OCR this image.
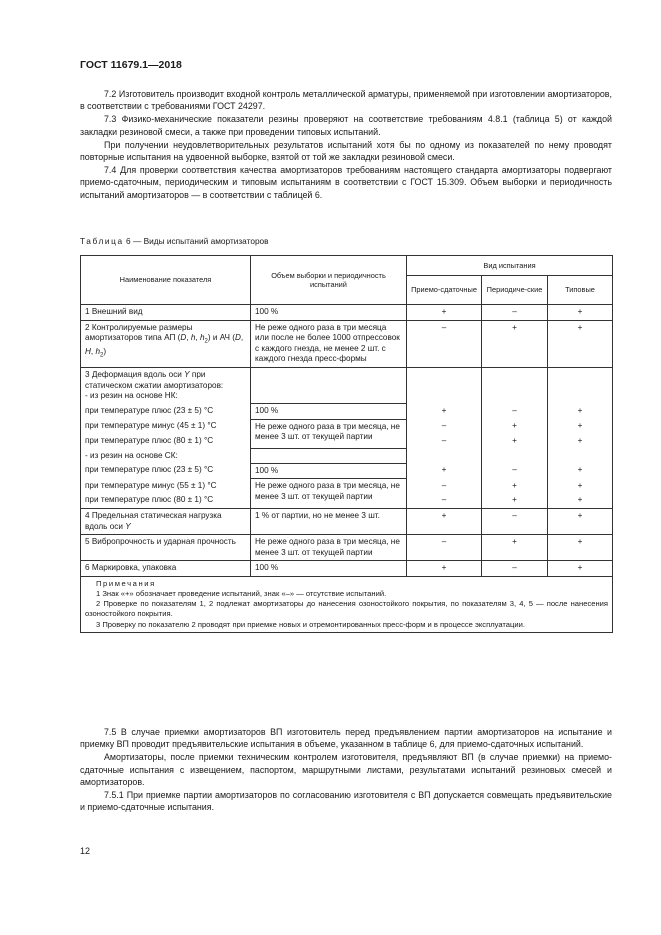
ГОСТ 11679.1—2018

7.2 Изготовитель производит входной контроль металлической арматуры, применяемой при изготовлении амортизаторов, в соответствии с требованиями ГОСТ 24297.

7.3 Физико-механические показатели резины проверяют на соответствие требованиям 4.8.1 (таблица 5) от каждой закладки резиновой смеси, а также при проведении типовых испытаний.

При получении неудовлетворительных результатов испытаний хотя бы по одному из показателей по нему проводят повторные испытания на удвоенной выборке, взятой от той же закладки резиновой смеси.

7.4 Для проверки соответствия качества амортизаторов требованиям настоящего стандарта амортизаторы подвергают приемо-сдаточным, периодическим и типовым испытаниям в соответствии с ГОСТ 15.309. Объем выборки и периодичность испытаний амортизаторов — в соответствии с таблицей 6.

Таблица 6 — Виды испытаний амортизаторов
Наименование показателя	Объем выборки и периодичность испытаний	Вид испытания		
		Приемо-сдаточные	Периодиче-ские	Типовые
1 Внешний вид	100 %	+	–	+
2 Контролируемые размеры амортизаторов типа АП (D, h, $h_2$) и АЧ (D, H, $h_2$)	Не реже одного раза в три месяца или после не более 1000 отпрессовок с каждого гнезда, не менее 2 шт. с каждого гнезда пресс-формы	–	+	+
3 Деформация вдоль оси Y при статическом сжатии амортизаторов:
- из резин на основе НК:				
при температуре плюс (23 ± 5) °С	100 %	+	–	+
при температуре минус (45 ± 1) °С	Не реже одного раза в три месяца, не менее 3 шт. от текущей партии	–	+	+
при температуре плюс (80 ± 1) °С		–	+	+
- из резин на основе СК:				
при температуре плюс (23 ± 5) °С	100 %	+	–	+
при температуре минус (55 ± 1) °С	Не реже одного раза в три месяца, не менее 3 шт. от текущей партии	–	+	+
при температуре плюс (80 ± 1) °С		–	+	+
4 Предельная статическая нагрузка вдоль оси Y	1 % от партии, но не менее 3 шт.	+	–	+
5 Вибропрочность и ударная прочность	Не реже одного раза в три месяца, не менее 3 шт. от текущей партии	–	+	+
6 Маркировка, упаковка	100 %	+	–	+

Примечания

1 Знак «+» обозначает проведение испытаний, знак «–» — отсутствие испытаний.

2 Проверке по показателям 1, 2 подлежат амортизаторы до нанесения озоностойкого покрытия, по показателям 3, 4, 5 — после нанесения озоностойкого покрытия.

3 Проверку по показателю 2 проводят при приемке новых и отремонтированных пресс-форм и в процессе эксплуатации.				

7.5 В случае приемки амортизаторов ВП изготовитель перед предъявлением партии амортизаторов на испытание и приемку ВП проводит предъявительские испытания в объеме, указанном в таблице 6, для приемо-сдаточных испытаний.

Амортизаторы, после приемки техническим контролем изготовителя, предъявляют ВП (в случае приемки) на приемо-сдаточные испытания с извещением, паспортом, маршрутными листами, результатами испытаний резиновых смесей и амортизаторов.

7.5.1 При приемке партии амортизаторов по согласованию изготовителя с ВП допускается совмещать предъявительские и приемо-сдаточные испытания.

12
